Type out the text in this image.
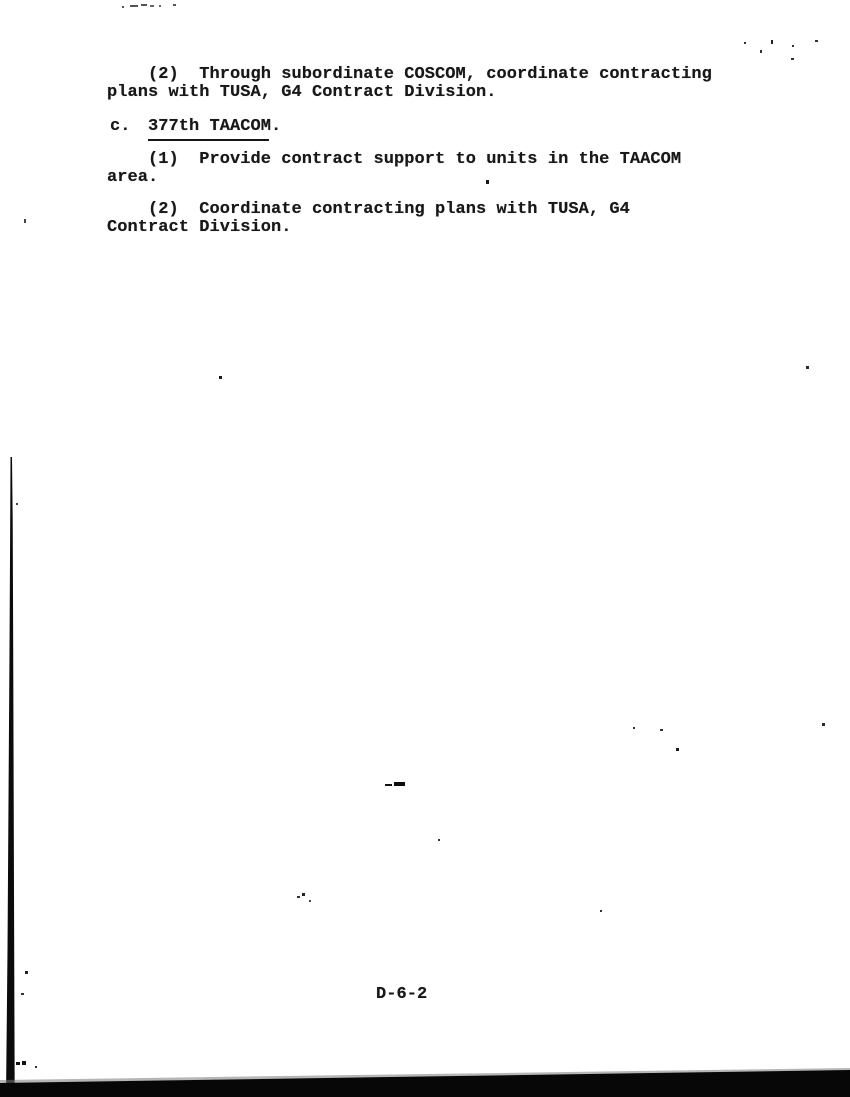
(2)  Through subordinate COSCOM, coordinate contracting
plans with TUSA, G4 Contract Division.
c. 377th TAACOM.
(1)  Provide contract support to units in the TAACOM
area.
(2)  Coordinate contracting plans with TUSA, G4
Contract Division.
D-6-2
